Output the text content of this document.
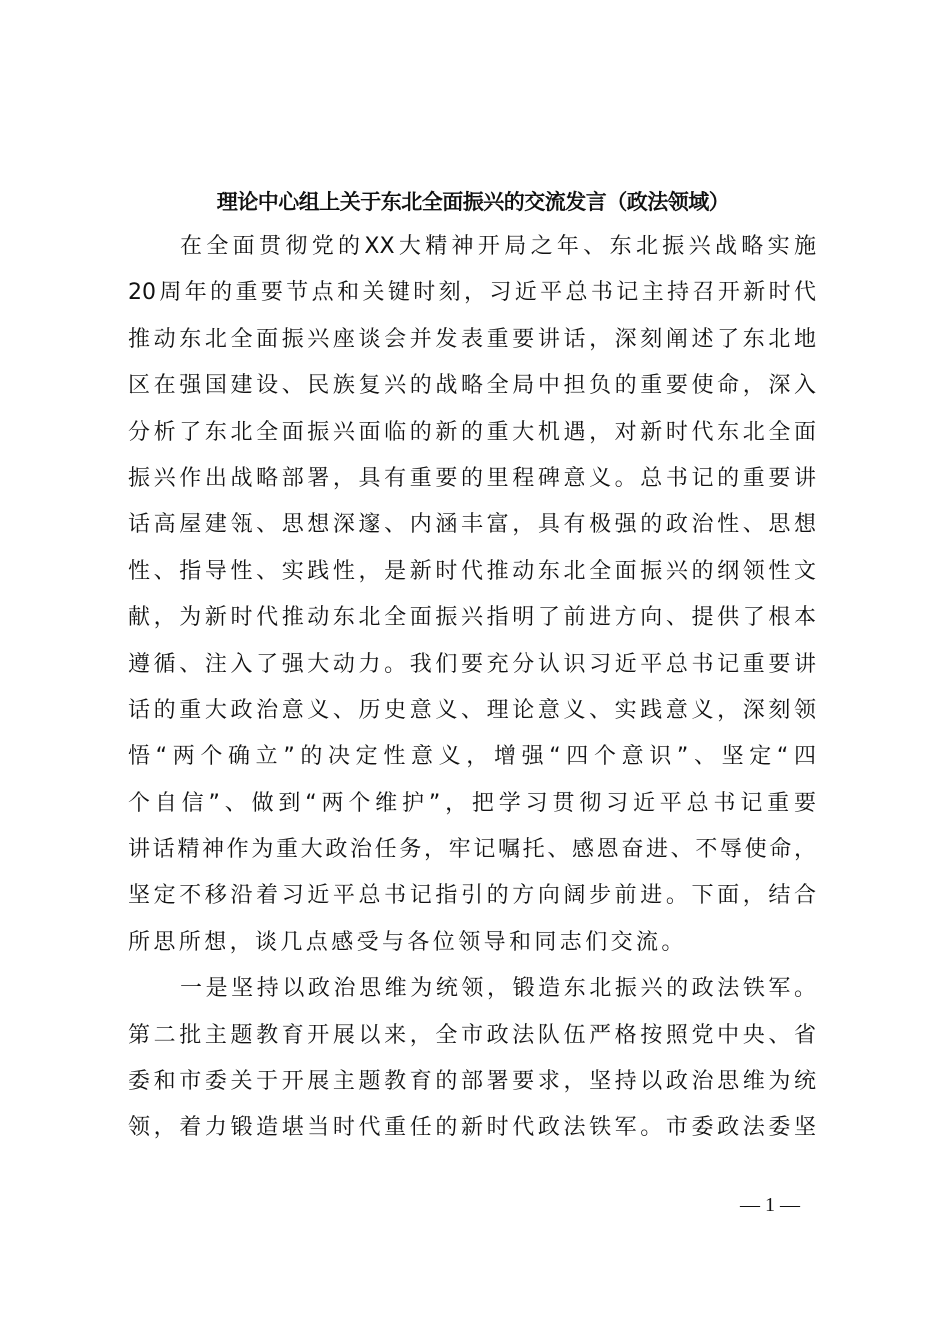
理论中心组上关于东北全面振兴的交流发言（政法领域）
在全面贯彻党的XX大精神开局之年、东北振兴战略实施
20周年的重要节点和关键时刻，习近平总书记主持召开新时代
推动东北全面振兴座谈会并发表重要讲话，深刻阐述了东北地
区在强国建设、民族复兴的战略全局中担负的重要使命，深入
分析了东北全面振兴面临的新的重大机遇，对新时代东北全面
振兴作出战略部署，具有重要的里程碑意义。总书记的重要讲
话高屋建瓴、思想深邃、内涵丰富，具有极强的政治性、思想
性、指导性、实践性，是新时代推动东北全面振兴的纲领性文
献，为新时代推动东北全面振兴指明了前进方向、提供了根本
遵循、注入了强大动力。我们要充分认识习近平总书记重要讲
话的重大政治意义、历史意义、理论意义、实践意义，深刻领
悟“两个确立”的决定性意义，增强“四个意识”、坚定“四
个自信”、做到“两个维护”，把学习贯彻习近平总书记重要
讲话精神作为重大政治任务，牢记嘱托、感恩奋进、不辱使命，
坚定不移沿着习近平总书记指引的方向阔步前进。下面，结合
所思所想，谈几点感受与各位领导和同志们交流。
一是坚持以政治思维为统领，锻造东北振兴的政法铁军。
第二批主题教育开展以来，全市政法队伍严格按照党中央、省
委和市委关于开展主题教育的部署要求，坚持以政治思维为统
领，着力锻造堪当时代重任的新时代政法铁军。市委政法委坚
— 1 —
